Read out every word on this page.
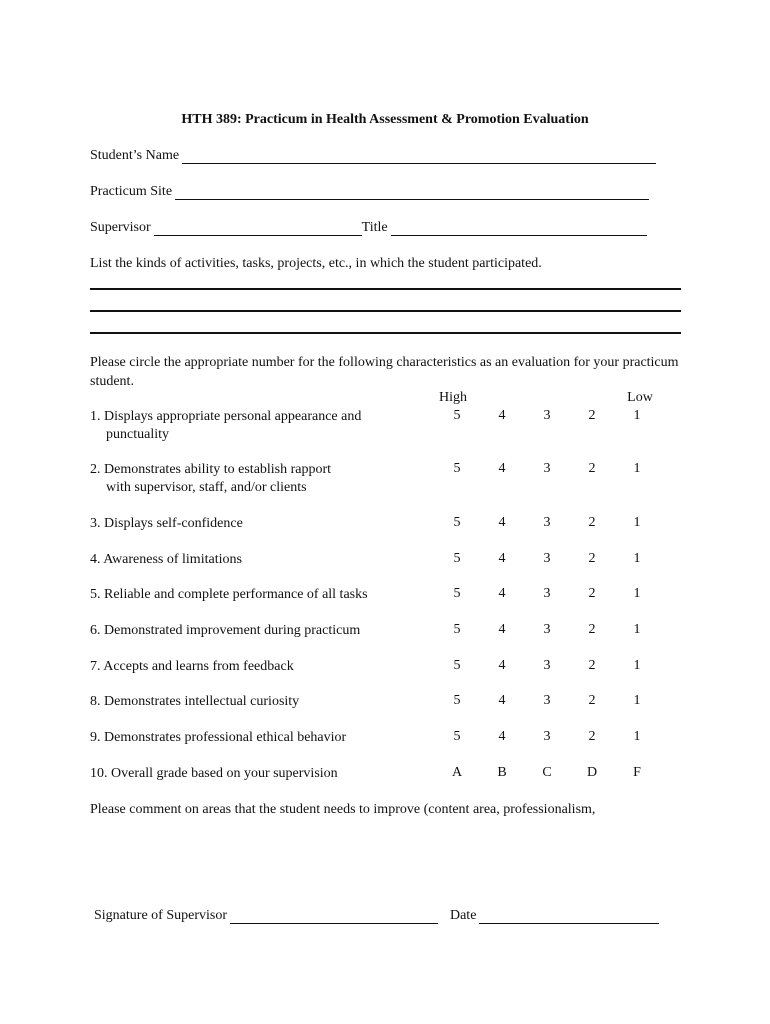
HTH 389: Practicum in Health Assessment & Promotion Evaluation
Student’s Name
Practicum Site
Supervisor	Title
List the kinds of activities, tasks, projects, etc., in which the student participated.
Please circle the appropriate number for the following characteristics as an evaluation for your practicum student.
High	Low
1. Displays appropriate personal appearance and
punctuality
5	4	3	2	1
2. Demonstrates ability to establish rapport
with supervisor, staff, and/or clients
5	4	3	2	1
3. Displays self-confidence	5	4	3	2	1
4. Awareness of limitations	5	4	3	2	1
5. Reliable and complete performance of all tasks	5	4	3	2	1
6. Demonstrated improvement during practicum	5	4	3	2	1
7. Accepts and learns from feedback	5	4	3	2	1
8. Demonstrates intellectual curiosity	5	4	3	2	1
9. Demonstrates professional ethical behavior	5	4	3	2	1
10. Overall grade based on your supervision	A	B	C	D	F
Please comment on areas that the student needs to improve (content area, professionalism,
Signature of Supervisor	Date
